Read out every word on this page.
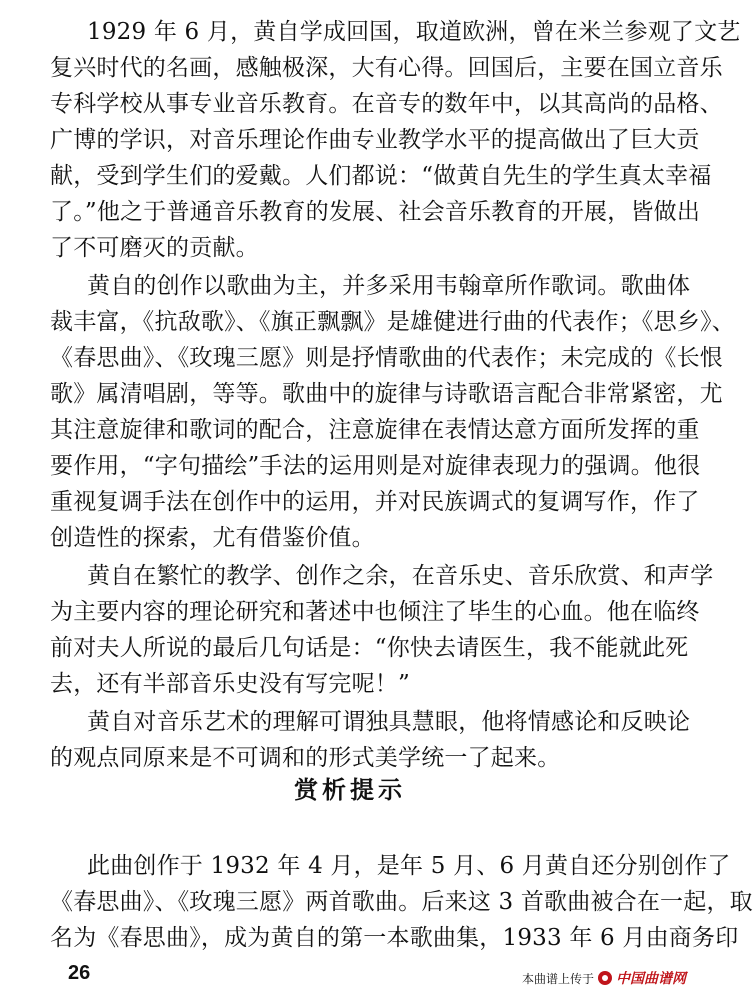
1929 年 6 月，黄自学成回国，取道欧洲，曾在米兰参观了文艺
复兴时代的名画，感触极深，大有心得。回国后，主要在国立音乐
专科学校从事专业音乐教育。在音专的数年中，以其高尚的品格、
广博的学识，对音乐理论作曲专业教学水平的提高做出了巨大贡
献，受到学生们的爱戴。人们都说：“做黄自先生的学生真太幸福
了。”他之于普通音乐教育的发展、社会音乐教育的开展，皆做出
了不可磨灭的贡献。
黄自的创作以歌曲为主，并多采用韦翰章所作歌词。歌曲体
裁丰富，《抗敌歌》、《旗正飘飘》是雄健进行曲的代表作；《思乡》、
《春思曲》、《玫瑰三愿》则是抒情歌曲的代表作；未完成的《长恨
歌》属清唱剧，等等。歌曲中的旋律与诗歌语言配合非常紧密，尤
其注意旋律和歌词的配合，注意旋律在表情达意方面所发挥的重
要作用，“字句描绘”手法的运用则是对旋律表现力的强调。他很
重视复调手法在创作中的运用，并对民族调式的复调写作，作了
创造性的探索，尤有借鉴价值。
黄自在繁忙的教学、创作之余，在音乐史、音乐欣赏、和声学
为主要内容的理论研究和著述中也倾注了毕生的心血。他在临终
前对夫人所说的最后几句话是：“你快去请医生，我不能就此死
去，还有半部音乐史没有写完呢！”
黄自对音乐艺术的理解可谓独具慧眼，他将情感论和反映论
的观点同原来是不可调和的形式美学统一了起来。
赏析提示
此曲创作于 1932 年 4 月，是年 5 月、6 月黄自还分别创作了
《春思曲》、《玫瑰三愿》两首歌曲。后来这 3 首歌曲被合在一起，取
名为《春思曲》，成为黄自的第一本歌曲集，1933 年 6 月由商务印
26	本曲谱上传于 中国曲谱网
